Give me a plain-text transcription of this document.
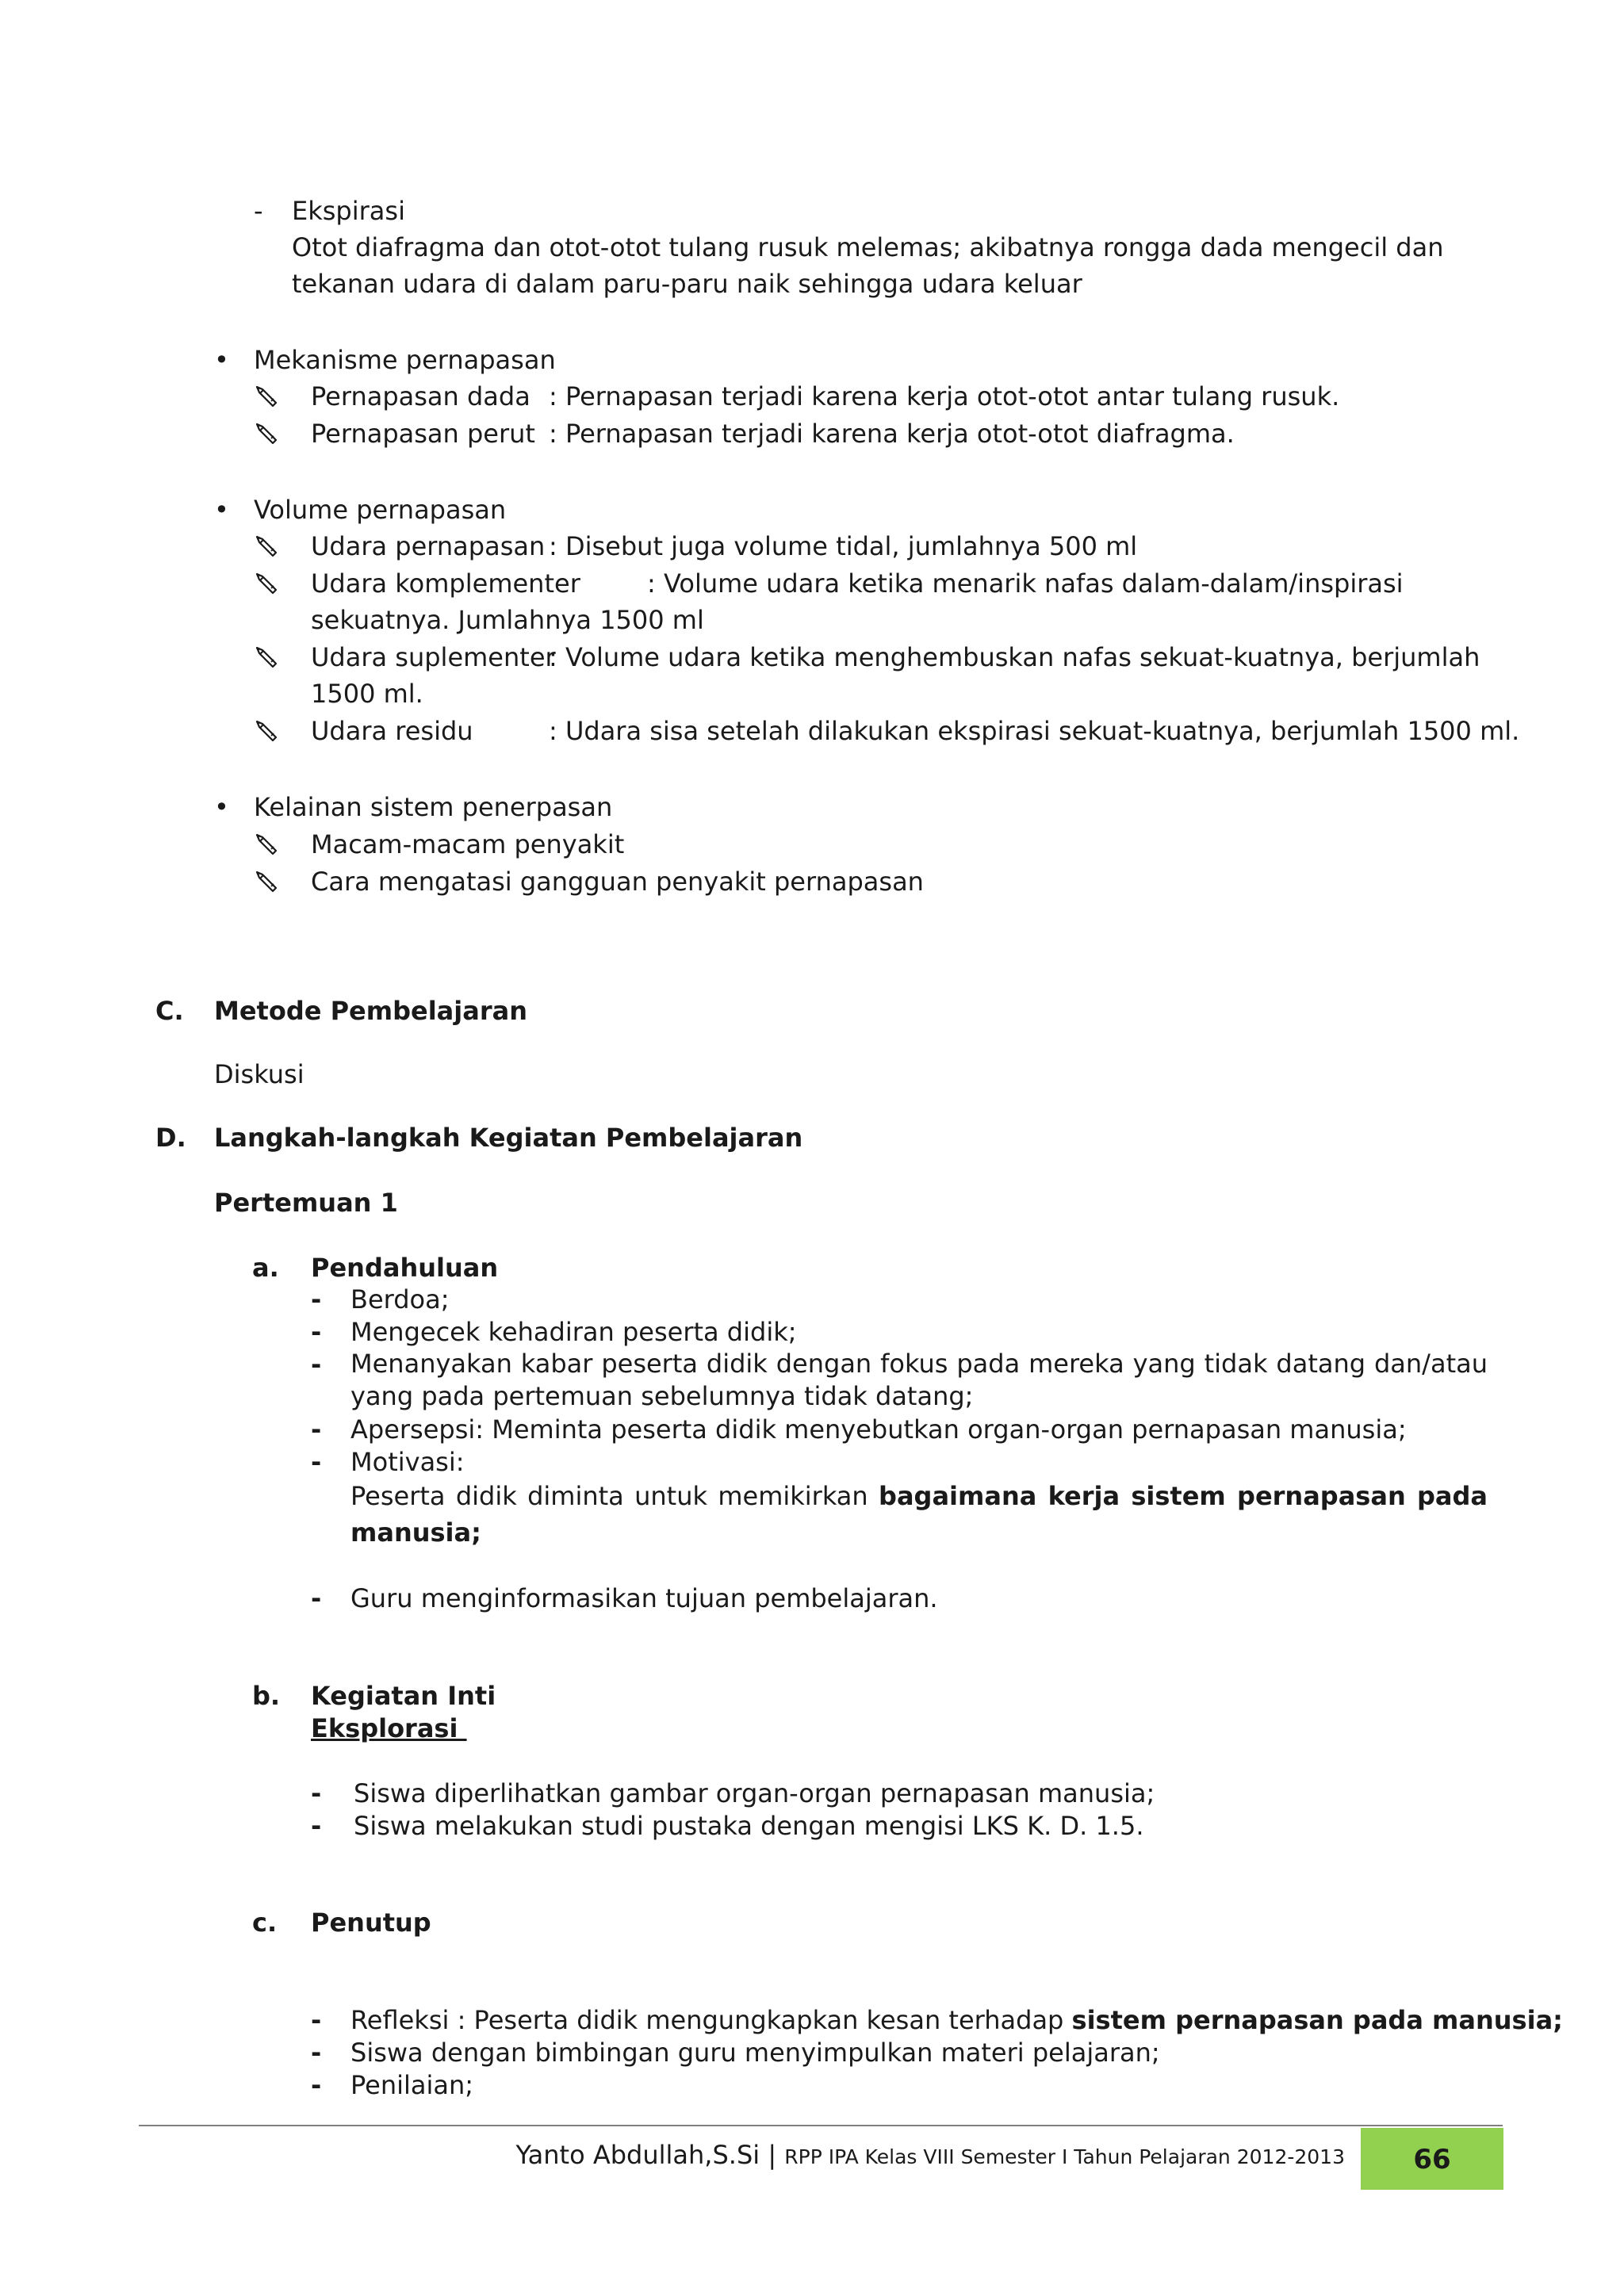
- Ekspirasi
Otot diafragma dan otot-otot tulang rusuk melemas; akibatnya rongga dada mengecil dan
tekanan udara di dalam paru-paru naik sehingga udara keluar
•
Mekanisme pernapasan
Pernapasan dada : Pernapasan terjadi karena kerja otot-otot antar tulang rusuk.
Pernapasan perut : Pernapasan terjadi karena kerja otot-otot diafragma.
•
Volume pernapasan
Udara pernapasan : Disebut juga volume tidal, jumlahnya 500 ml
Udara komplementer	: Volume udara ketika menarik nafas dalam-dalam/inspirasi
sekuatnya. Jumlahnya 1500 ml
Udara suplementer
: Volume udara ketika menghembuskan nafas sekuat-kuatnya, berjumlah
1500 ml.
Udara residu	: Udara sisa setelah dilakukan ekspirasi sekuat-kuatnya, berjumlah 1500 ml.
•
Kelainan sistem penerpasan
Macam-macam penyakit
Cara mengatasi gangguan penyakit pernapasan
C. Metode Pembelajaran
Diskusi
D. Langkah-langkah Kegiatan Pembelajaran
Pertemuan 1
a. Pendahuluan
- Berdoa;
- Mengecek kehadiran peserta didik;
- Menanyakan kabar peserta didik dengan fokus pada mereka yang tidak datang dan/atau yang pada pertemuan sebelumnya tidak datang;
- Apersepsi: Meminta peserta didik menyebutkan organ-organ pernapasan manusia;
- Motivasi:
Peserta didik diminta untuk memikirkan bagaimana kerja sistem pernapasan pada manusia;
- Guru menginformasikan tujuan pembelajaran.
b. Kegiatan Inti
Eksplorasi
- Siswa diperlihatkan gambar organ-organ pernapasan manusia;
- Siswa melakukan studi pustaka dengan mengisi LKS K. D. 1.5.
c. Penutup
- Refleksi : Peserta didik mengungkapkan kesan terhadap sistem pernapasan pada manusia;
- Siswa dengan bimbingan guru menyimpulkan materi pelajaran;
- Penilaian;
Yanto Abdullah,S.Si | RPP IPA Kelas VIII Semester I Tahun Pelajaran 2012-2013	66
